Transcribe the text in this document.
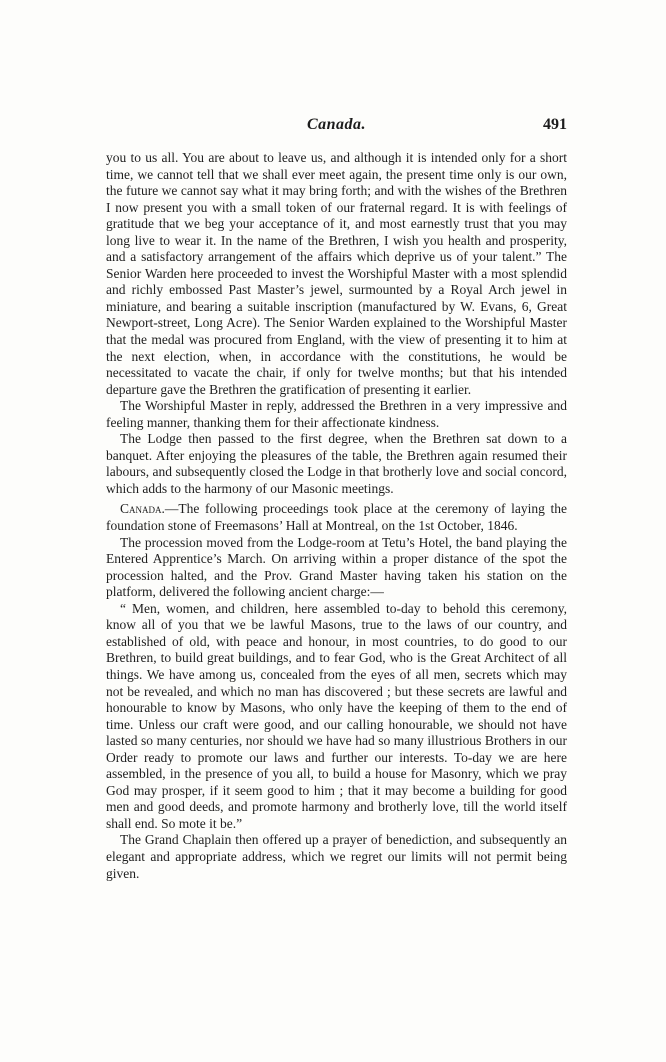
Canada.	491

you to us all. You are about to leave us, and although it is intended only for a short time, we cannot tell that we shall ever meet again, the present time only is our own, the future we cannot say what it may bring forth; and with the wishes of the Brethren I now present you with a small token of our fraternal regard. It is with feelings of gratitude that we beg your acceptance of it, and most earnestly trust that you may long live to wear it. In the name of the Brethren, I wish you health and prosperity, and a satisfactory arrangement of the affairs which deprive us of your talent.” The Senior Warden here proceeded to invest the Worshipful Master with a most splendid and richly embossed Past Master’s jewel, surmounted by a Royal Arch jewel in miniature, and bearing a suitable inscription (manufactured by W. Evans, 6, Great Newport-street, Long Acre). The Senior Warden explained to the Worshipful Master that the medal was procured from England, with the view of presenting it to him at the next election, when, in accordance with the constitutions, he would be necessitated to vacate the chair, if only for twelve months; but that his intended departure gave the Brethren the gratification of presenting it earlier.

The Worshipful Master in reply, addressed the Brethren in a very impressive and feeling manner, thanking them for their affectionate kindness.

The Lodge then passed to the first degree, when the Brethren sat down to a banquet. After enjoying the pleasures of the table, the Brethren again resumed their labours, and subsequently closed the Lodge in that brotherly love and social concord, which adds to the harmony of our Masonic meetings.

Canada.—The following proceedings took place at the ceremony of laying the foundation stone of Freemasons’ Hall at Montreal, on the 1st October, 1846.

The procession moved from the Lodge-room at Tetu’s Hotel, the band playing the Entered Apprentice’s March. On arriving within a proper distance of the spot the procession halted, and the Prov. Grand Master having taken his station on the platform, delivered the following ancient charge:—

“ Men, women, and children, here assembled to-day to behold this ceremony, know all of you that we be lawful Masons, true to the laws of our country, and established of old, with peace and honour, in most countries, to do good to our Brethren, to build great buildings, and to fear God, who is the Great Architect of all things. We have among us, concealed from the eyes of all men, secrets which may not be revealed, and which no man has discovered ; but these secrets are lawful and honourable to know by Masons, who only have the keeping of them to the end of time. Unless our craft were good, and our calling honourable, we should not have lasted so many centuries, nor should we have had so many illustrious Brothers in our Order ready to promote our laws and further our interests. To-day we are here assembled, in the presence of you all, to build a house for Masonry, which we pray God may prosper, if it seem good to him ; that it may become a building for good men and good deeds, and promote harmony and brotherly love, till the world itself shall end. So mote it be.”

The Grand Chaplain then offered up a prayer of benediction, and subsequently an elegant and appropriate address, which we regret our limits will not permit being given.
